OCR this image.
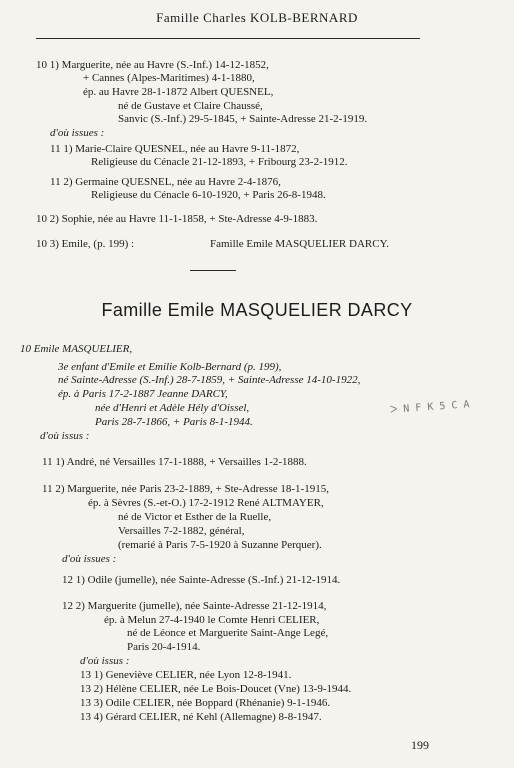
Famille Charles KOLB-BERNARD
10 1) Marguerite, née au Havre (S.-Inf.) 14-12-1852,
+ Cannes (Alpes-Maritimes) 4-1-1880,
ép. au Havre 28-1-1872 Albert QUESNEL,
né de Gustave et Claire Chaussé,
Sanvic (S.-Inf.) 29-5-1845, + Sainte-Adresse 21-2-1919.
d'où issues :
11 1) Marie-Claire QUESNEL, née au Havre 9-11-1872,
Religieuse du Cénacle 21-12-1893, + Fribourg 23-2-1912.
11 2) Germaine QUESNEL, née au Havre 2-4-1876,
Religieuse du Cénacle 6-10-1920, + Paris 26-8-1948.
10 2) Sophie, née au Havre 11-1-1858, + Ste-Adresse 4-9-1883.
10 3) Emile, (p. 199) :	Famille Emile MASQUELIER DARCY.
Famille Emile MASQUELIER DARCY
10 Emile MASQUELIER,
3e enfant d'Emile et Emilie Kolb-Bernard (p. 199),
né Sainte-Adresse (S.-Inf.) 28-7-1859, + Sainte-Adresse 14-10-1922,
ép. à Paris 17-2-1887 Jeanne DARCY,
née d'Henri et Adèle Hély d'Oissel,
Paris 28-7-1866, + Paris 8-1-1944.
d'où issus :
11 1) André, né Versailles 17-1-1888, + Versailles 1-2-1888.
11 2) Marguerite, née Paris 23-2-1889, + Ste-Adresse 18-1-1915,
ép. à Sèvres (S.-et-O.) 17-2-1912 René ALTMAYER,
né de Victor et Esther de la Ruelle,
Versailles 7-2-1882, général,
(remarié à Paris 7-5-1920 à Suzanne Perquer).
d'où issues :
12 1) Odile (jumelle), née Sainte-Adresse (S.-Inf.) 21-12-1914.
12 2) Marguerite (jumelle), née Sainte-Adresse 21-12-1914,
ép. à Melun 27-4-1940 le Comte Henri CELIER,
né de Léonce et Marguerite Saint-Ange Legé,
Paris 20-4-1914.
d'où issus :
13 1) Geneviève CELIER, née Lyon 12-8-1941.
13 2) Hélène CELIER, née Le Bois-Doucet (Vne) 13-9-1944.
13 3) Odile CELIER, née Boppard (Rhénanie) 9-1-1946.
13 4) Gérard CELIER, né Kehl (Allemagne) 8-8-1947.
ᐳ N F K 5 C A
199
